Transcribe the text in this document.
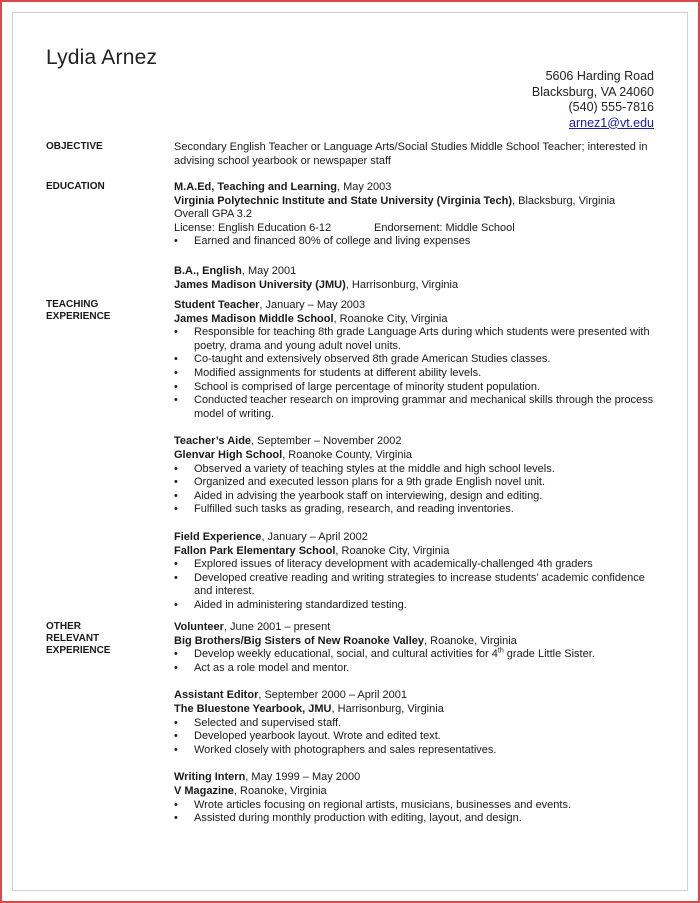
Lydia Arnez
5606 Harding Road
Blacksburg, VA 24060
(540) 555-7816
arnez1@vt.edu
OBJECTIVE	Secondary English Teacher or Language Arts/Social Studies Middle School Teacher; interested in advising school yearbook or newspaper staff
EDUCATION	M.A.Ed, Teaching and Learning, May 2003
Virginia Polytechnic Institute and State University (Virginia Tech), Blacksburg, Virginia
Overall GPA 3.2
License: English Education 6-12	Endorsement: Middle School
• Earned and financed 80% of college and living expenses
B.A., English, May 2001
James Madison University (JMU), Harrisonburg, Virginia
TEACHING
EXPERIENCE
Student Teacher, January – May 2003
James Madison Middle School, Roanoke City, Virginia
• Responsible for teaching 8th grade Language Arts during which students were presented with poetry, drama and young adult novel units.
• Co-taught and extensively observed 8th grade American Studies classes.
• Modified assignments for students at different ability levels.
• School is comprised of large percentage of minority student population.
• Conducted teacher research on improving grammar and mechanical skills through the process model of writing.
Teacher’s Aide, September – November 2002
Glenvar High School, Roanoke County, Virginia
• Observed a variety of teaching styles at the middle and high school levels.
• Organized and executed lesson plans for a 9th grade English novel unit.
• Aided in advising the yearbook staff on interviewing, design and editing.
• Fulfilled such tasks as grading, research, and reading inventories.
Field Experience, January – April 2002
Fallon Park Elementary School, Roanoke City, Virginia
• Explored issues of literacy development with academically-challenged 4th graders
• Developed creative reading and writing strategies to increase students’ academic confidence and interest.
• Aided in administering standardized testing.
OTHER
RELEVANT
EXPERIENCE
Volunteer, June 2001 – present
Big Brothers/Big Sisters of New Roanoke Valley, Roanoke, Virginia
• Develop weekly educational, social, and cultural activities for 4th grade Little Sister.
• Act as a role model and mentor.
Assistant Editor, September 2000 – April 2001
The Bluestone Yearbook, JMU, Harrisonburg, Virginia
• Selected and supervised staff.
• Developed yearbook layout. Wrote and edited text.
• Worked closely with photographers and sales representatives.
Writing Intern, May 1999 – May 2000
V Magazine, Roanoke, Virginia
• Wrote articles focusing on regional artists, musicians, businesses and events.
• Assisted during monthly production with editing, layout, and design.
